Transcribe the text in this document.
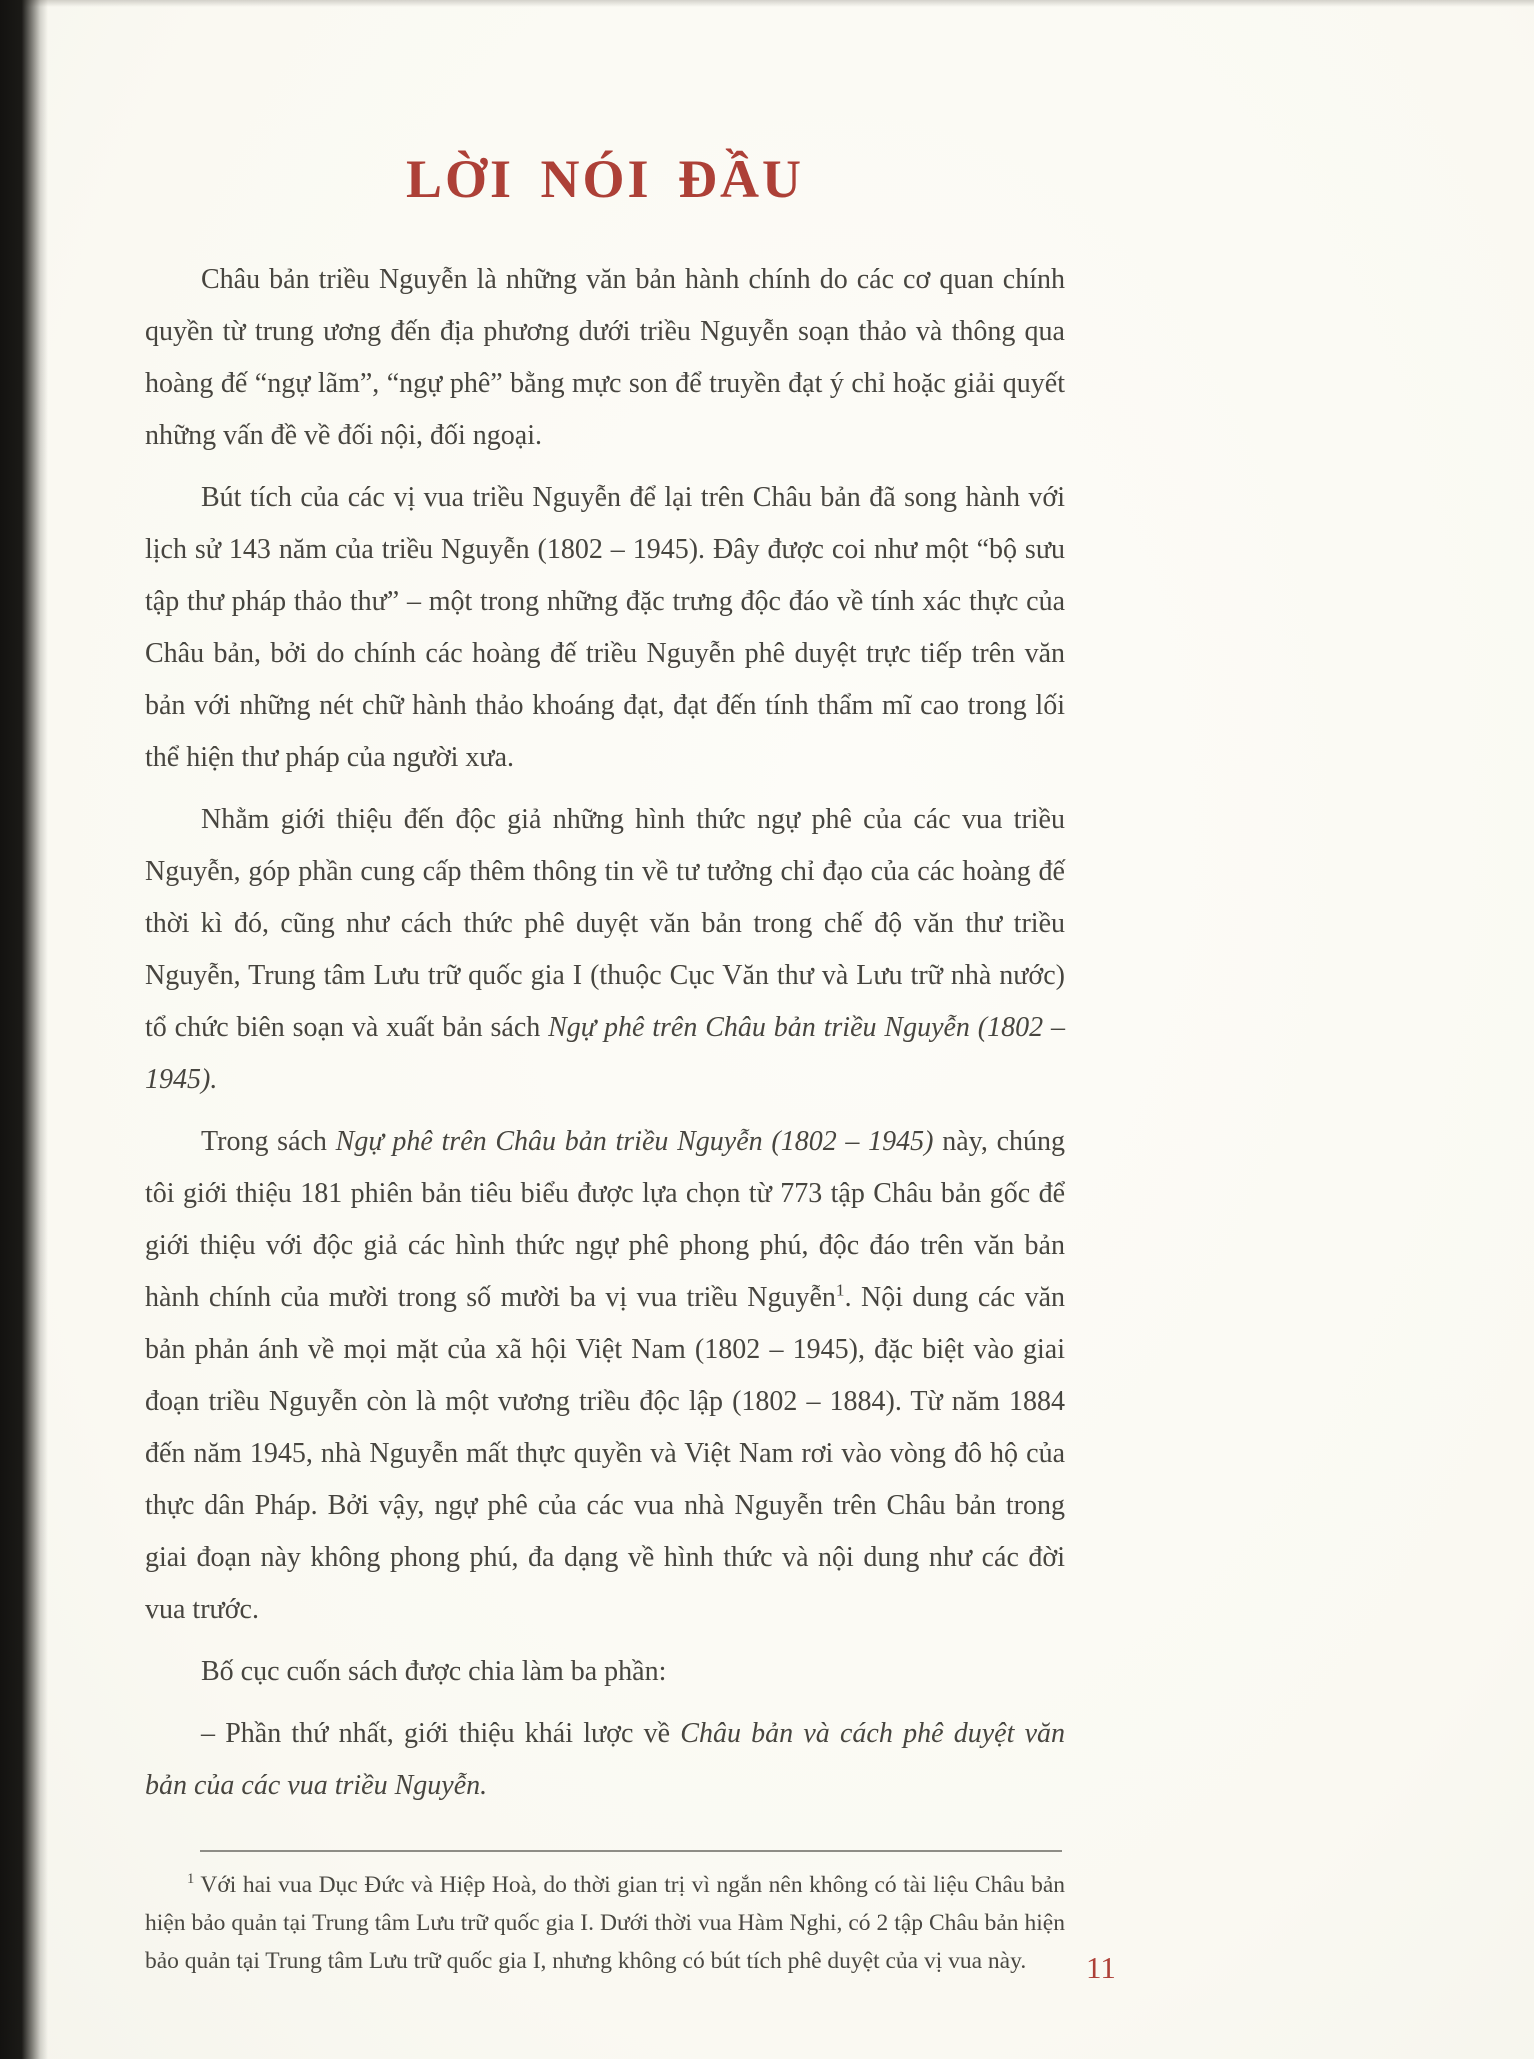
LỜI NÓI ĐẦU

Châu bản triều Nguyễn là những văn bản hành chính do các cơ quan chính quyền từ trung ương đến địa phương dưới triều Nguyễn soạn thảo và thông qua hoàng đế “ngự lãm”, “ngự phê” bằng mực son để truyền đạt ý chỉ hoặc giải quyết những vấn đề về đối nội, đối ngoại.

Bút tích của các vị vua triều Nguyễn để lại trên Châu bản đã song hành với lịch sử 143 năm của triều Nguyễn (1802 – 1945). Đây được coi như một “bộ sưu tập thư pháp thảo thư” – một trong những đặc trưng độc đáo về tính xác thực của Châu bản, bởi do chính các hoàng đế triều Nguyễn phê duyệt trực tiếp trên văn bản với những nét chữ hành thảo khoáng đạt, đạt đến tính thẩm mĩ cao trong lối thể hiện thư pháp của người xưa.

Nhằm giới thiệu đến độc giả những hình thức ngự phê của các vua triều Nguyễn, góp phần cung cấp thêm thông tin về tư tưởng chỉ đạo của các hoàng đế thời kì đó, cũng như cách thức phê duyệt văn bản trong chế độ văn thư triều Nguyễn, Trung tâm Lưu trữ quốc gia I (thuộc Cục Văn thư và Lưu trữ nhà nước) tổ chức biên soạn và xuất bản sách Ngự phê trên Châu bản triều Nguyễn (1802 – 1945).

Trong sách Ngự phê trên Châu bản triều Nguyễn (1802 – 1945) này, chúng tôi giới thiệu 181 phiên bản tiêu biểu được lựa chọn từ 773 tập Châu bản gốc để giới thiệu với độc giả các hình thức ngự phê phong phú, độc đáo trên văn bản hành chính của mười trong số mười ba vị vua triều Nguyễn$^1$. Nội dung các văn bản phản ánh về mọi mặt của xã hội Việt Nam (1802 – 1945), đặc biệt vào giai đoạn triều Nguyễn còn là một vương triều độc lập (1802 – 1884). Từ năm 1884 đến năm 1945, nhà Nguyễn mất thực quyền và Việt Nam rơi vào vòng đô hộ của thực dân Pháp. Bởi vậy, ngự phê của các vua nhà Nguyễn trên Châu bản trong giai đoạn này không phong phú, đa dạng về hình thức và nội dung như các đời vua trước.

Bố cục cuốn sách được chia làm ba phần:

– Phần thứ nhất, giới thiệu khái lược về Châu bản và cách phê duyệt văn bản của các vua triều Nguyễn.

$^1$ Với hai vua Dục Đức và Hiệp Hoà, do thời gian trị vì ngắn nên không có tài liệu Châu bản hiện bảo quản tại Trung tâm Lưu trữ quốc gia I. Dưới thời vua Hàm Nghi, có 2 tập Châu bản hiện bảo quản tại Trung tâm Lưu trữ quốc gia I, nhưng không có bút tích phê duyệt của vị vua này.	11
